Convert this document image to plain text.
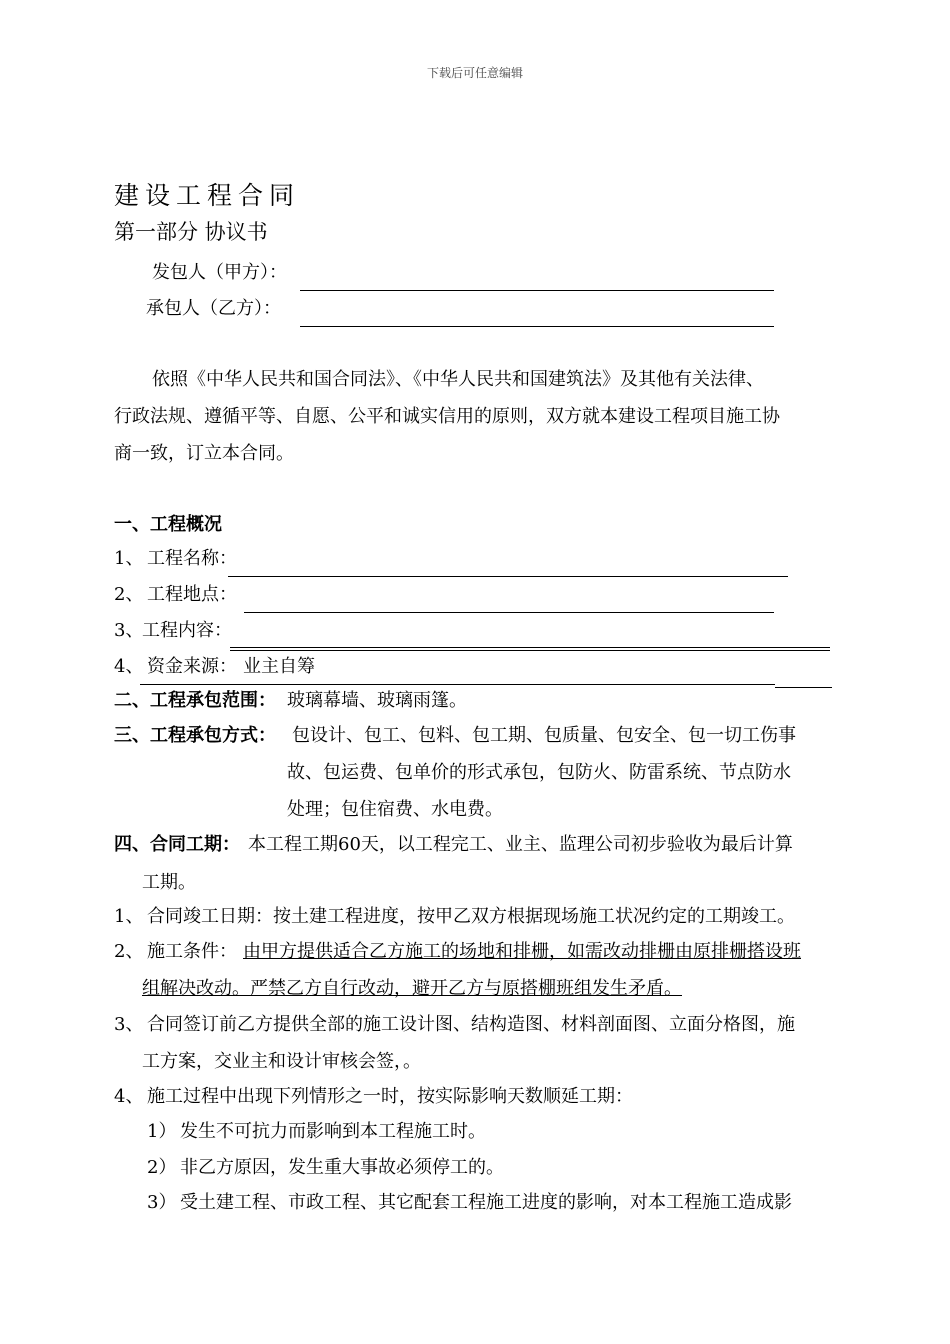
下载后可任意编辑
建设工程合同
第一部分 协议书
发包人（甲方）：
承包人（乙方）：
依照《中华人民共和国合同法》、《中华人民共和国建筑法》及其他有关法律、
行政法规、遵循平等、自愿、公平和诚实信用的原则，双方就本建设工程项目施工协
商一致，订立本合同。
一、工程概况
1、 工程名称：
2、 工程地点：
3、
工程内容：
4、 资金来源： 业主自筹
二、工程承包范围： 玻璃幕墙、玻璃雨篷。
三、工程承包方式： 包设计、包工、包料、包工期、包质量、包安全、包一切工伤事
故、包运费、包单价的形式承包，包防火、防雷系统、节点防水
处理；包住宿费、水电费。
四、合同工期： 本工程工期60天，以工程完工、业主、监理公司初步验收为最后计算
工期。
1、 合同竣工日期：按土建工程进度，按甲乙双方根据现场施工状况约定的工期竣工。
2、 施工条件： 由甲方提供适合乙方施工的场地和排栅，如需改动排栅由原排栅搭设班
组解决改动。严禁乙方自行改动，避开乙方与原搭棚班组发生矛盾。
3、 合同签订前乙方提供全部的施工设计图、结构造图、材料剖面图、立面分格图，施
工方案，交业主和设计审核会签，。
4、 施工过程中出现下列情形之一时，按实际影响天数顺延工期：
1） 发生不可抗力而影响到本工程施工时。
2） 非乙方原因，发生重大事故必须停工的。
3） 受土建工程、市政工程、其它配套工程施工进度的影响，对本工程施工造成影
